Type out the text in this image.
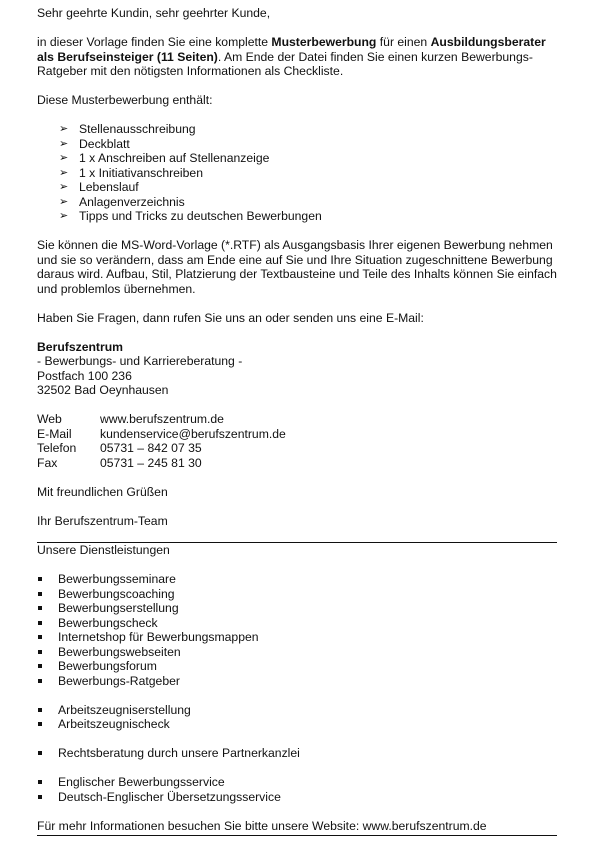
Sehr geehrte Kundin, sehr geehrter Kunde,

in dieser Vorlage finden Sie eine komplette Musterbewerbung für einen Ausbildungsberater als Berufseinsteiger (11 Seiten). Am Ende der Datei finden Sie einen kurzen Bewerbungs-Ratgeber mit den nötigsten Informationen als Checkliste.

Diese Musterbewerbung enthält:

➢ Stellenausschreibung
➢ Deckblatt
➢ 1 x Anschreiben auf Stellenanzeige
➢ 1 x Initiativanschreiben
➢ Lebenslauf
➢ Anlagenverzeichnis
➢ Tipps und Tricks zu deutschen Bewerbungen

Sie können die MS-Word-Vorlage (*.RTF) als Ausgangsbasis Ihrer eigenen Bewerbung nehmen und sie so verändern, dass am Ende eine auf Sie und Ihre Situation zugeschnittene Bewerbung daraus wird. Aufbau, Stil, Platzierung der Textbausteine und Teile des Inhalts können Sie einfach und problemlos übernehmen.

Haben Sie Fragen, dann rufen Sie uns an oder senden uns eine E-Mail:

Berufszentrum

- Bewerbungs- und Karriereberatung -

Postfach 100 236

32502 Bad Oeynhausen

Web	www.berufszentrum.de
E-Mail	kundenservice@berufszentrum.de
Telefon	05731 – 842 07 35
Fax	05731 – 245 81 30

Mit freundlichen Grüßen

Ihr Berufszentrum-Team

Unsere Dienstleistungen

Bewerbungsseminare
Bewerbungscoaching
Bewerbungserstellung
Bewerbungscheck
Internetshop für Bewerbungsmappen
Bewerbungswebseiten
Bewerbungsforum
Bewerbungs-Ratgeber
Arbeitszeugniserstellung
Arbeitszeugnischeck
Rechtsberatung durch unsere Partnerkanzlei
Englischer Bewerbungsservice
Deutsch-Englischer Übersetzungsservice

Für mehr Informationen besuchen Sie bitte unsere Website: www.berufszentrum.de
